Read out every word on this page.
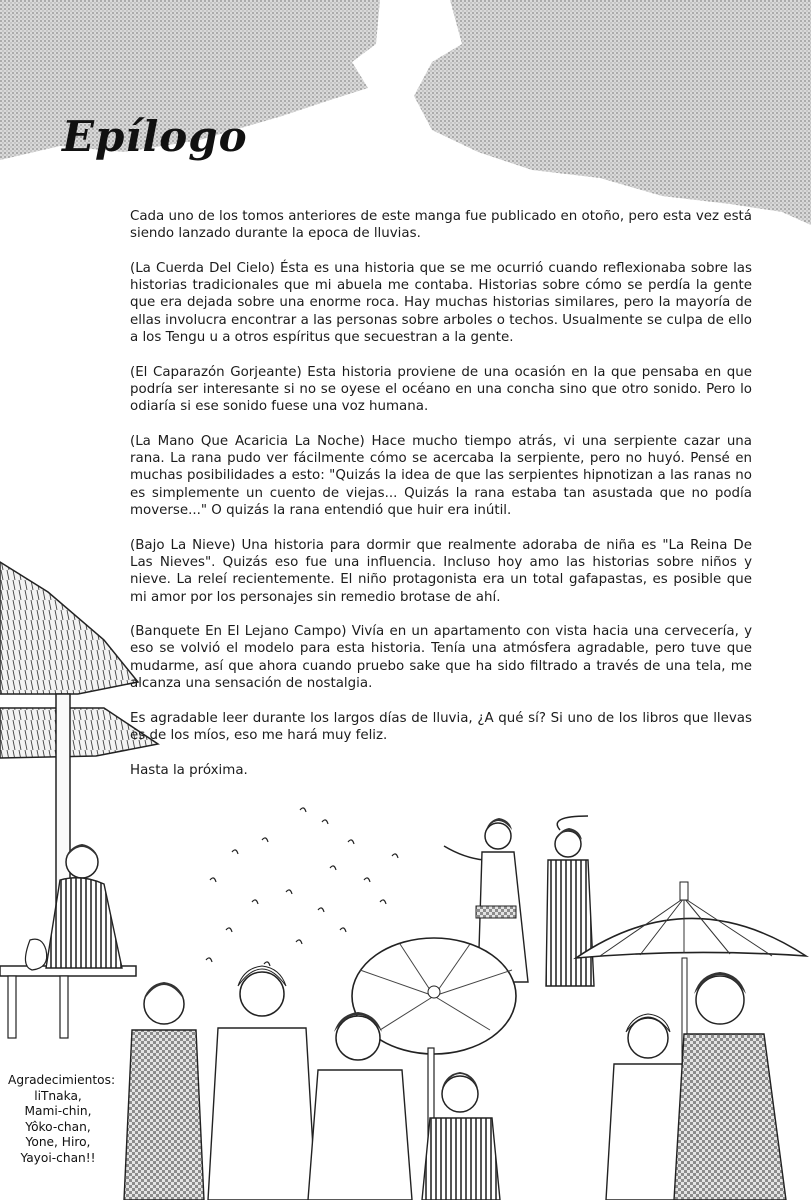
Epílogo

Cada uno de los tomos anteriores de este manga fue publicado en otoño, pero esta vez está siendo lanzado durante la epoca de lluvias.

(La Cuerda Del Cielo) Ésta es una historia que se me ocurrió cuando reflexionaba sobre las historias tradicionales que mi abuela me contaba. Historias sobre cómo se perdía la gente que era dejada sobre una enorme roca. Hay muchas historias similares, pero la mayoría de ellas involucra encontrar a las personas sobre arboles o techos. Usualmente se culpa de ello a los Tengu u a otros espíritus que secuestran a la gente.

(El Caparazón Gorjeante) Esta historia proviene de una ocasión en la que pensaba en que podría ser interesante si no se oyese el océano en una concha sino que otro sonido. Pero lo odiaría si ese sonido fuese una voz humana.

(La Mano Que Acaricia La Noche) Hace mucho tiempo atrás, vi una serpiente cazar una rana. La rana pudo ver fácilmente cómo se acercaba la serpiente, pero no huyó. Pensé en muchas posibilidades a esto: "Quizás la idea de que las serpientes hipnotizan a las ranas no es simplemente un cuento de viejas... Quizás la rana estaba tan asustada que no podía moverse..." O quizás la rana entendió que huir era inútil.

(Bajo La Nieve) Una historia para dormir que realmente adoraba de niña es "La Reina De Las Nieves". Quizás eso fue una influencia. Incluso hoy amo las historias sobre niños y nieve. La releí recientemente. El niño protagonista era un total gafapastas, es posible que mi amor por los personajes sin remedio brotase de ahí.

(Banquete En El Lejano Campo) Vivía en un apartamento con vista hacia una cervecería, y eso se volvió el modelo para esta historia. Tenía una atmósfera agradable, pero tuve que mudarme, así que ahora cuando pruebo sake que ha sido filtrado a través de una tela, me alcanza una sensación de nostalgia.

Es agradable leer durante los largos días de lluvia, ¿A qué sí? Si uno de los libros que llevas es de los míos, eso me hará muy feliz.

Hasta la próxima.

Agradecimientos:
liTnaka,
Mami-chin,
Yôko-chan,
Yone, Hiro,
Yayoi-chan!!
